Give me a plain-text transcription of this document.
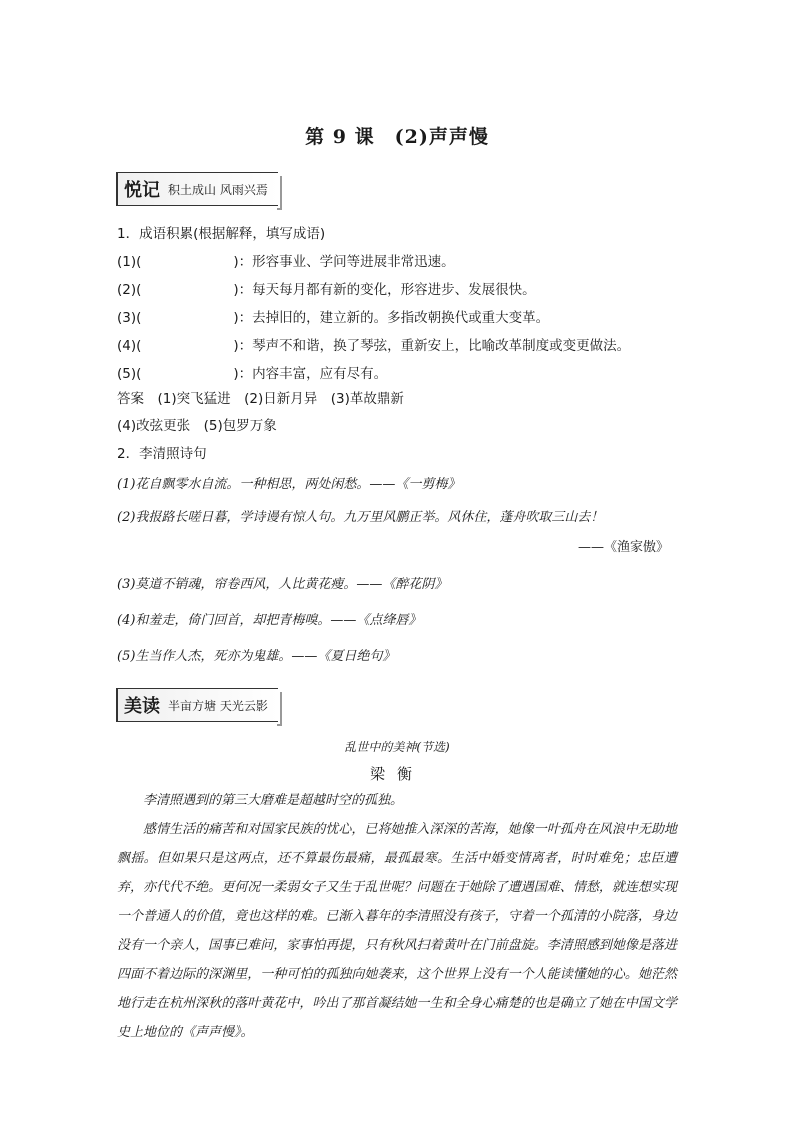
第 9 课　(2)声声慢
悦记 积土成山 风雨兴焉
1．成语积累(根据解释，填写成语)
(1)(	)：形容事业、学问等进展非常迅速。
(2)(	)：每天每月都有新的变化，形容进步、发展很快。
(3)(	)：去掉旧的，建立新的。多指改朝换代或重大变革。
(4)(	)：琴声不和谐，换了琴弦，重新安上，比喻改革制度或变更做法。
(5)(	)：内容丰富，应有尽有。
答案　(1)突飞猛进　(2)日新月异　(3)革故鼎新
(4)改弦更张　(5)包罗万象
2．李清照诗句
(1)花自飘零水自流。一种相思，两处闲愁。——《一剪梅》
(2)我报路长嗟日暮，学诗谩有惊人句。九万里风鹏正举。风休住，蓬舟吹取三山去！
——《渔家傲》
(3)莫道不销魂，帘卷西风，人比黄花瘦。——《醉花阴》
(4)和羞走，倚门回首，却把青梅嗅。——《点绛唇》
(5)生当作人杰，死亦为鬼雄。——《夏日绝句》
美读 半亩方塘 天光云影
乱世中的美神(节选)
梁衡
李清照遇到的第三大磨难是超越时空的孤独。
感情生活的痛苦和对国家民族的忧心，已将她推入深深的苦海，她像一叶孤舟在风浪中无助地飘摇。但如果只是这两点，还不算最伤最痛，最孤最寒。生活中婚变情离者，时时难免；忠臣遭弃，亦代代不绝。更何况一柔弱女子又生于乱世呢？问题在于她除了遭遇国难、情愁，就连想实现一个普通人的价值，竟也这样的难。已渐入暮年的李清照没有孩子，守着一个孤清的小院落，身边没有一个亲人，国事已难问，家事怕再提，只有秋风扫着黄叶在门前盘旋。李清照感到她像是落进四面不着边际的深渊里，一种可怕的孤独向她袭来，这个世界上没有一个人能读懂她的心。她茫然地行走在杭州深秋的落叶黄花中，吟出了那首凝结她一生和全身心痛楚的也是确立了她在中国文学史上地位的《声声慢》。
